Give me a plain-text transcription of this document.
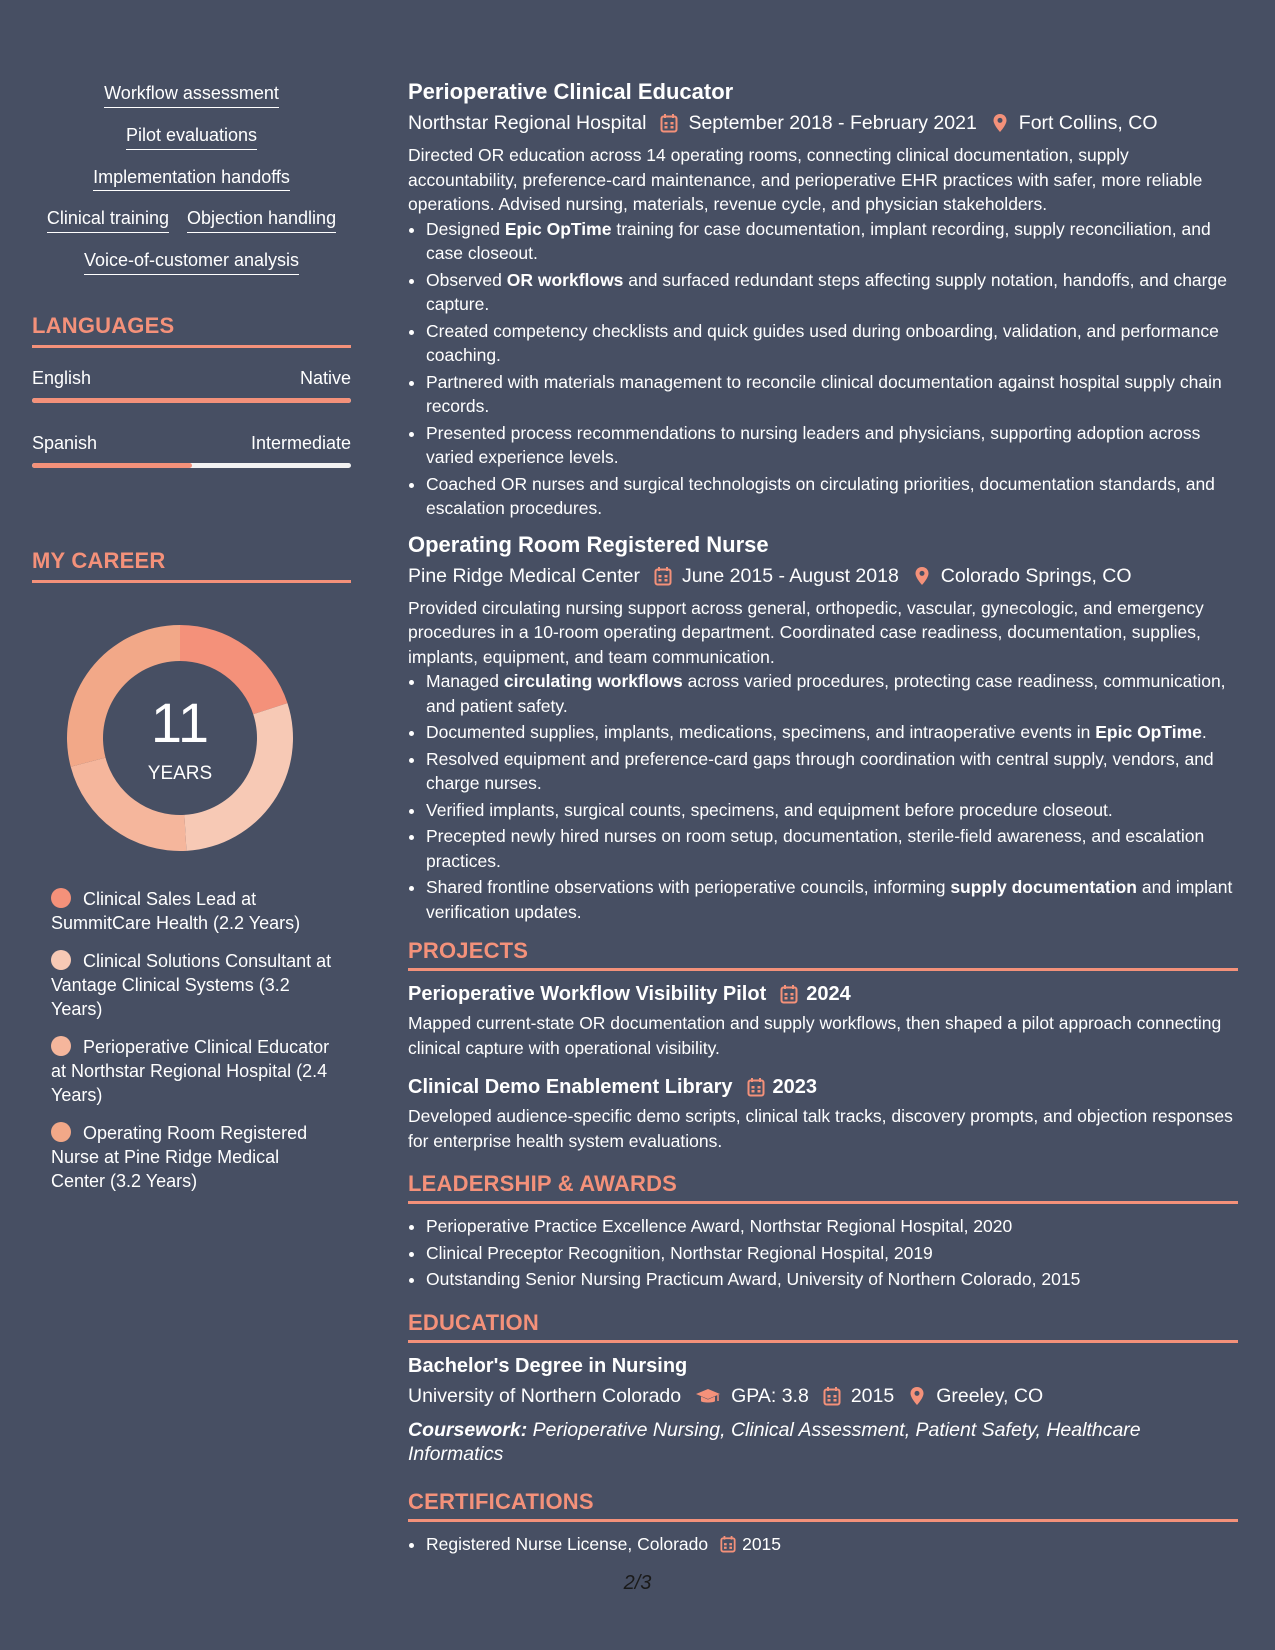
Workflow assessment
Pilot evaluations
Implementation handoffs
Clinical training Objection handling
Voice-of-customer analysis
LANGUAGES
English	Native
Spanish	Intermediate
MY CAREER
11
YEARS
Clinical Sales Lead at SummitCare Health (2.2 Years)
Clinical Solutions Consultant at Vantage Clinical Systems (3.2 Years)
Perioperative Clinical Educator at Northstar Regional Hospital (2.4 Years)
Operating Room Registered Nurse at Pine Ridge Medical Center (3.2 Years)
Perioperative Clinical Educator
Northstar Regional Hospital September 2018 - February 2021 Fort Collins, CO
Directed OR education across 14 operating rooms, connecting clinical documentation, supply accountability, preference-card maintenance, and perioperative EHR practices with safer, more reliable operations. Advised nursing, materials, revenue cycle, and physician stakeholders.
• Designed Epic OpTime training for case documentation, implant recording, supply reconciliation, and case closeout.
• Observed OR workflows and surfaced redundant steps affecting supply notation, handoffs, and charge capture.
• Created competency checklists and quick guides used during onboarding, validation, and performance coaching.
• Partnered with materials management to reconcile clinical documentation against hospital supply chain records.
• Presented process recommendations to nursing leaders and physicians, supporting adoption across varied experience levels.
• Coached OR nurses and surgical technologists on circulating priorities, documentation standards, and escalation procedures.
Operating Room Registered Nurse
Pine Ridge Medical Center June 2015 - August 2018 Colorado Springs, CO
Provided circulating nursing support across general, orthopedic, vascular, gynecologic, and emergency procedures in a 10-room operating department. Coordinated case readiness, documentation, supplies, implants, equipment, and team communication.
• Managed circulating workflows across varied procedures, protecting case readiness, communication, and patient safety.
• Documented supplies, implants, medications, specimens, and intraoperative events in Epic OpTime.
• Resolved equipment and preference-card gaps through coordination with central supply, vendors, and charge nurses.
• Verified implants, surgical counts, specimens, and equipment before procedure closeout.
• Precepted newly hired nurses on room setup, documentation, sterile-field awareness, and escalation practices.
• Shared frontline observations with perioperative councils, informing supply documentation and implant verification updates.
PROJECTS
Perioperative Workflow Visibility Pilot 2024
Mapped current-state OR documentation and supply workflows, then shaped a pilot approach connecting clinical capture with operational visibility.
Clinical Demo Enablement Library 2023
Developed audience-specific demo scripts, clinical talk tracks, discovery prompts, and objection responses for enterprise health system evaluations.
LEADERSHIP & AWARDS
• Perioperative Practice Excellence Award, Northstar Regional Hospital, 2020
• Clinical Preceptor Recognition, Northstar Regional Hospital, 2019
• Outstanding Senior Nursing Practicum Award, University of Northern Colorado, 2015
EDUCATION
Bachelor's Degree in Nursing
University of Northern Colorado	GPA: 3.8 2015 Greeley, CO
Coursework: Perioperative Nursing, Clinical Assessment, Patient Safety, Healthcare Informatics
CERTIFICATIONS
• Registered Nurse License, Colorado 2015
2/3
